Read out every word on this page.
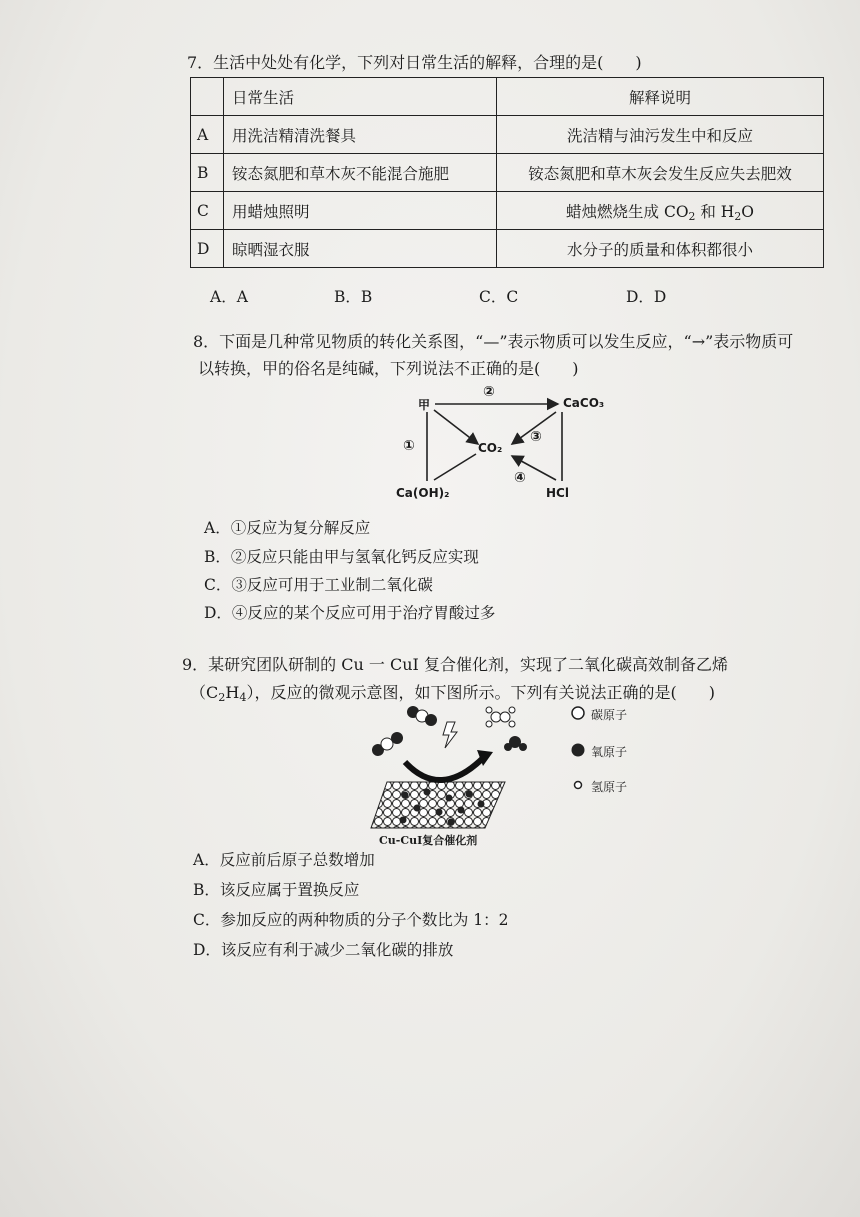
7．生活中处处有化学，下列对日常生活的解释，合理的是(　　)
	日常生活	解释说明
A	用洗洁精清洗餐具	洗洁精与油污发生中和反应
B	铵态氮肥和草木灰不能混合施肥	铵态氮肥和草木灰会发生反应失去肥效
C	用蜡烛照明	蜡烛燃烧生成 $CO_2$ 和 $H_2O$
D	晾晒湿衣服	水分子的质量和体积都很小
A．A	B．B	C．C	D．D
8．下面是几种常见物质的转化关系图，“—”表示物质可以发生反应，“→”表示物质可
以转换，甲的俗名是纯碱，下列说法不正确的是(　　)
甲	CaCO₃
CO₂
Ca(OH)₂	HCl
②
①
③
④
A．①反应为复分解反应
B．②反应只能由甲与氢氧化钙反应实现
C．③反应可用于工业制二氧化碳
D．④反应的某个反应可用于治疗胃酸过多
9．某研究团队研制的 Cu 一 CuI 复合催化剂，实现了二氧化碳高效制备乙烯
$(C_2H_4)$，反应的微观示意图，如下图所示。下列有关说法正确的是(　　)
Cu-CuI复合催化剂
碳原子
氧原子
氢原子
A．反应前后原子总数增加
B．该反应属于置换反应
C．参加反应的两种物质的分子个数比为 1：2
D．该反应有利于减少二氧化碳的排放
